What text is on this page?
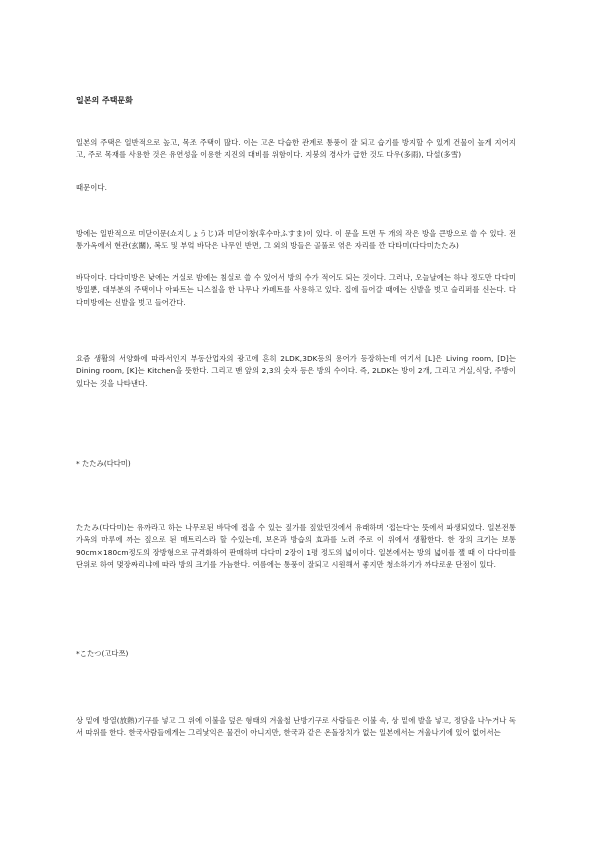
일본의 주택문화
일본의 주택은 일반적으로 높고, 목조 주택이 많다. 이는 고온 다습한 관계로 통풍이 잘 되고 습기를 방지할 수 있게 건물이 높게 지어지고, 주로 목재를 사용한 것은 유연성을 이용한 지진의 대비를 위함이다. 지붕의 경사가 급한 것도 다우(多雨), 다설(多雪)
때문이다.
방에는 일반적으로 미닫이문(쇼지しょうじ)과 미닫이창(후수마ふすま)이 있다. 이 문을 트면 두 개의 작은 방을 큰방으로 쓸 수 있다. 전통가옥에서 현관(玄關), 복도 및 부엌 바닥은 나무인 반면, 그 외의 방들은 골풀로 엮은 자리를 깐 다타미(다다미たたみ)
바닥이다. 다다미방은 낮에는 거실로 밤에는 침실로 쓸 수 있어서 방의 수가 적어도 되는 것이다. 그러나, 오늘날에는 하나 정도만 다다미 방일뿐, 대부분의 주택이나 아파트는 니스칠을 한 나무나 카페트를 사용하고 있다. 집에 들어갈 때에는 신발을 벗고 슬리퍼를 신는다. 다다미방에는 신발을 벗고 들어간다.
요즘 생활의 서양화에 따라서인지 부동산업자의 광고에 흔히 2LDK,3DK등의 용어가 등장하는데 여기서 [L]은 Living room, [D]는 Dining room, [K]는 Kitchen을 뜻한다. 그리고 맨 앞의 2,3의 숫자 등은 방의 수이다. 즉, 2LDK는 방이 2개, 그리고 거실,식당, 주방이 있다는 것을 나타낸다.
* たたみ(다다미)
たたみ(다다미)는 유까라고 하는 나무로된 바닥에 접을 수 있는 짚가를 짚았던것에서 유래하며 '접는다'는 뜻에서 파생되었다. 일본전통가옥의 마루에 까는 짚으로 된 매트리스라 할 수있는데, 보온과 방습의 효과를 노려 주로 이 위에서 생활한다. 한 장의 크기는 보통 90cm×180cm정도의 장방형으로 규격화하여 판매하며 다다미 2장이 1평 정도의 넓이이다. 일본에서는 방의 넓이를 잴 때 이 다다미를 단위로 하여 몇장짜리냐에 따라 방의 크기를 가늠한다. 여름에는 통풍이 잘되고 시원해서 좋지만 청소하기가 까다로운 단점이 있다.
*こたつ(고다쯔)
상 밑에 방열(放熱)기구를 넣고 그 위에 이불을 덮은 형태의 겨울철 난방기구로 사람들은 이불 속, 상 밑에 발을 넣고, 정담을 나누거나 독서 따위를 한다. 한국사람들에게는 그리낯익은 물건이 아니지만, 한국과 같은 온돌장치가 없는 일본에서는 겨울나기에 있어 없어서는
